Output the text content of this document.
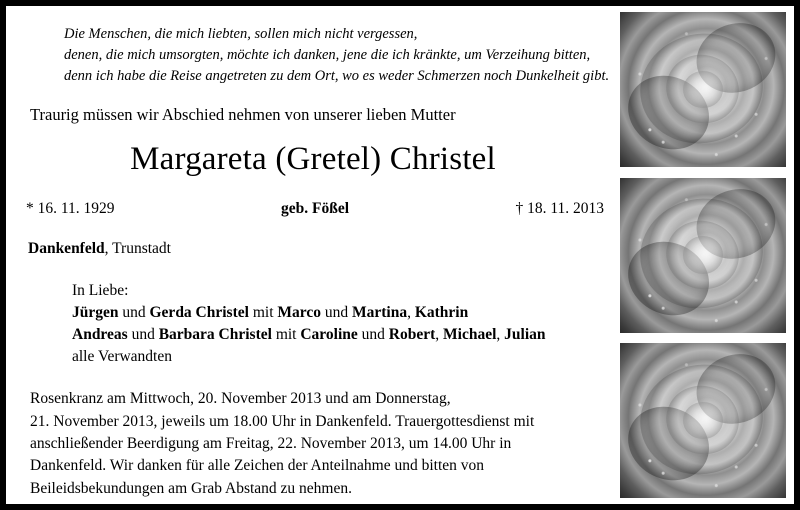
Die Menschen, die mich liebten, sollen mich nicht vergessen,
denen, die mich umsorgten, möchte ich danken, jene die ich kränkte, um Verzeihung bitten,
denn ich habe die Reise angetreten zu dem Ort, wo es weder Schmerzen noch Dunkelheit gibt.
Traurig müssen wir Abschied nehmen von unserer lieben Mutter
Margareta (Gretel) Christel
* 16. 11. 1929	geb. Fößel	† 18. 11. 2013
Dankenfeld, Trunstadt
In Liebe:
Jürgen und Gerda Christel mit Marco und Martina, Kathrin
Andreas und Barbara Christel mit Caroline und Robert, Michael, Julian
alle Verwandten
Rosenkranz am Mittwoch, 20. November 2013 und am Donnerstag,
21. November 2013, jeweils um 18.00 Uhr in Dankenfeld. Trauergottesdienst mit
anschließender Beerdigung am Freitag, 22. November 2013, um 14.00 Uhr in
Dankenfeld. Wir danken für alle Zeichen der Anteilnahme und bitten von
Beileidsbekundungen am Grab Abstand zu nehmen.
